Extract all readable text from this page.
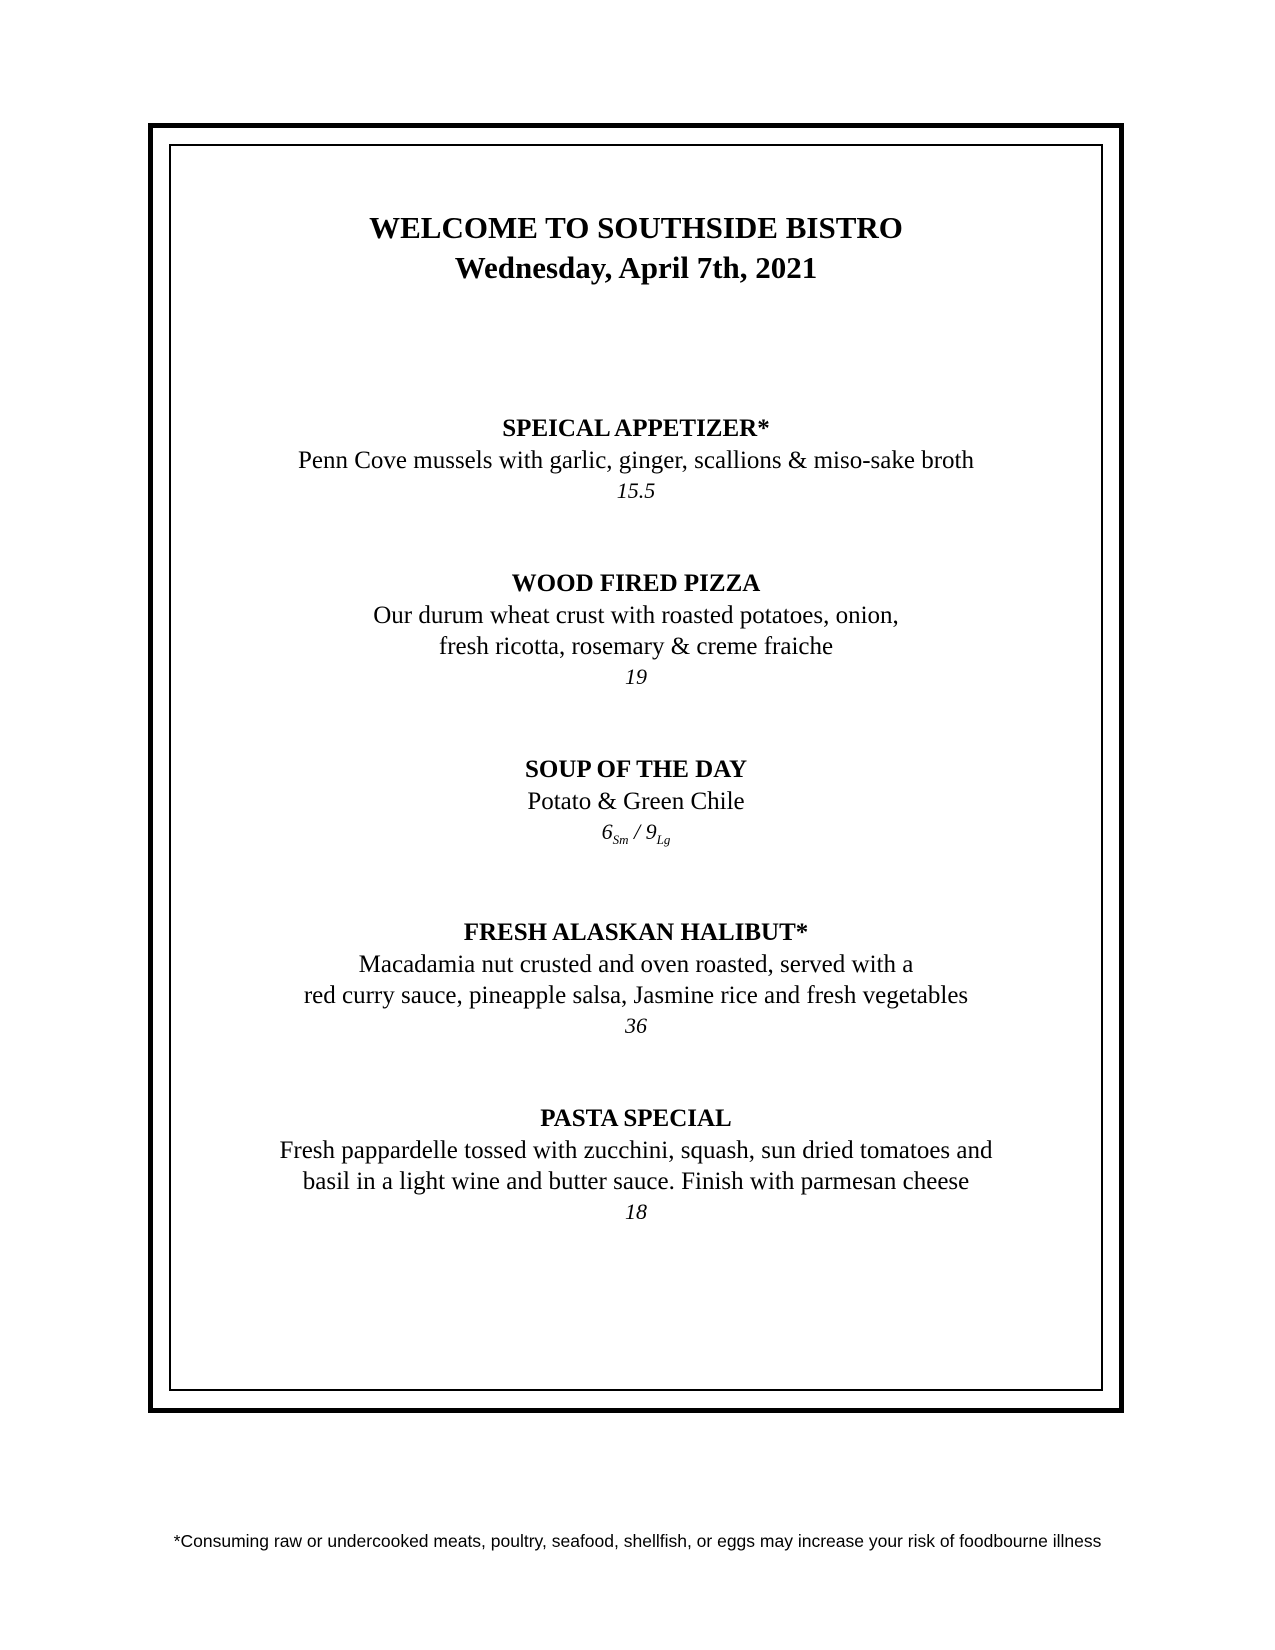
WELCOME TO SOUTHSIDE BISTRO
Wednesday, April 7th, 2021
SPEICAL APPETIZER*
Penn Cove mussels with garlic, ginger, scallions & miso-sake broth
15.5
WOOD FIRED PIZZA
Our durum wheat crust with roasted potatoes, onion,
fresh ricotta, rosemary & creme fraiche
19
SOUP OF THE DAY
Potato & Green Chile
$6_{Sm} / 9_{Lg}$
FRESH ALASKAN HALIBUT*
Macadamia nut crusted and oven roasted, served with a
red curry sauce, pineapple salsa, Jasmine rice and fresh vegetables
36
PASTA SPECIAL
Fresh pappardelle tossed with zucchini, squash, sun dried tomatoes and
basil in a light wine and butter sauce. Finish with parmesan cheese
18
*Consuming raw or undercooked meats, poultry, seafood, shellfish, or eggs may increase your risk of foodbourne illness
